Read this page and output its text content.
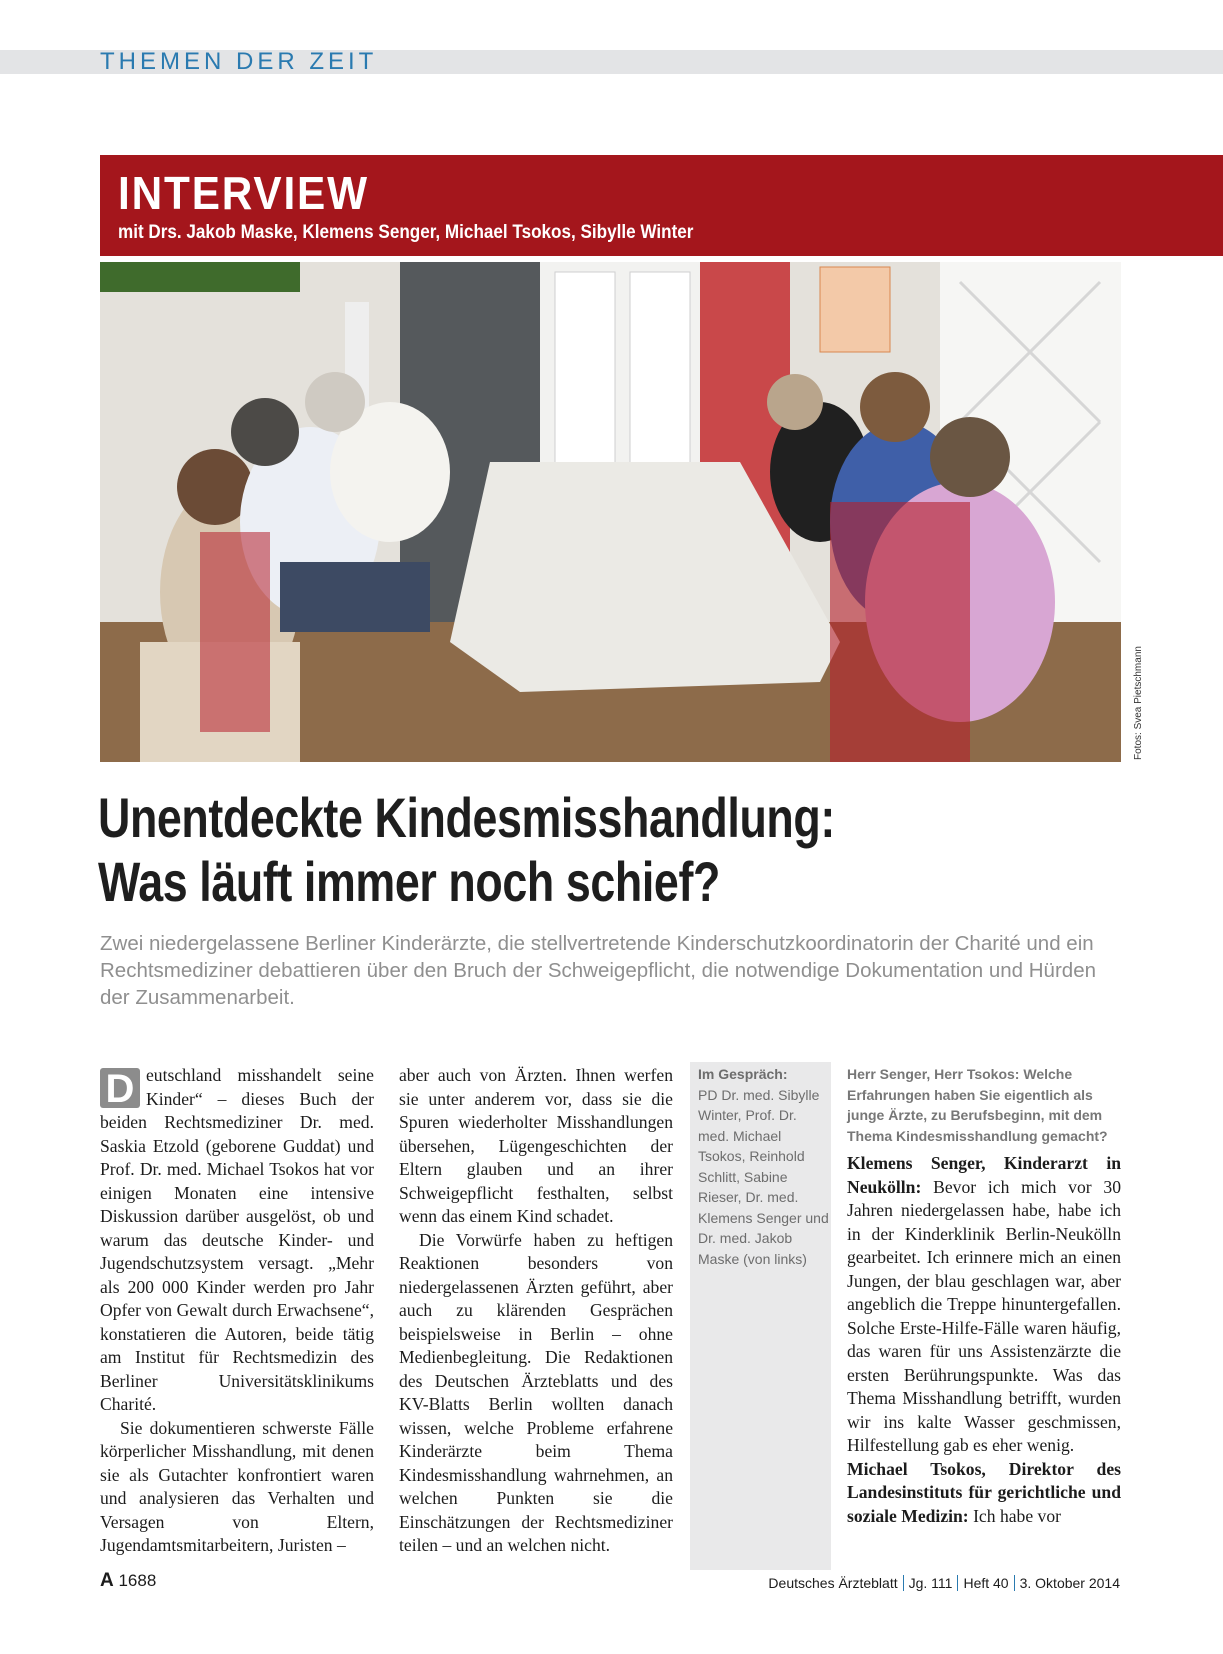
THEMEN DER ZEIT
INTERVIEW
mit Drs. Jakob Maske, Klemens Senger, Michael Tsokos, Sibylle Winter
Fotos: Svea Pietschmann
Unentdeckte Kindesmisshandlung:
Was läuft immer noch schief?
Zwei niedergelassene Berliner Kinderärzte, die stellvertretende Kinderschutzkoordinatorin der Charité und ein Rechtsmediziner debattieren über den Bruch der Schweigepflicht, die notwendige Dokumentation und Hürden der Zusammenarbeit.

D eutschland misshandelt seine Kinder“ – dieses Buch der beiden Rechtsmediziner Dr. med. Saskia Etzold (geborene Guddat) und Prof. Dr. med. Michael Tsokos hat vor einigen Monaten eine intensive Diskussion darüber ausgelöst, ob und warum das deutsche Kinder- und Jugendschutzsystem versagt. „Mehr als 200 000 Kinder werden pro Jahr Opfer von Gewalt durch Erwachsene“, konstatieren die Autoren, beide tätig am Institut für Rechtsmedizin des Berliner Universitätsklinikums Charité.

Sie dokumentieren schwerste Fälle körperlicher Misshandlung, mit denen sie als Gutachter konfrontiert waren und analysieren das Verhalten und Versagen von Eltern, Jugendamtsmitarbeitern, Juristen –

aber auch von Ärzten. Ihnen werfen sie unter anderem vor, dass sie die Spuren wiederholter Misshandlungen übersehen, Lügengeschichten der Eltern glauben und an ihrer Schweigepflicht festhalten, selbst wenn das einem Kind schadet.

Die Vorwürfe haben zu heftigen Reaktionen besonders von niedergelassenen Ärzten geführt, aber auch zu klärenden Gesprächen beispielsweise in Berlin – ohne Medienbegleitung. Die Redaktionen des Deutschen Ärzteblatts und des KV-Blatts Berlin wollten danach wissen, welche Probleme erfahrene Kinderärzte beim Thema Kindesmisshandlung wahrnehmen, an welchen Punkten sie die Einschätzungen der Rechtsmediziner teilen – und an welchen nicht.

Im Gespräch:
PD Dr. med. Sibylle Winter, Prof. Dr. med. Michael Tsokos, Reinhold Schlitt, Sabine Rieser, Dr. med. Klemens Senger und Dr. med. Jakob Maske (von links)

Herr Senger, Herr Tsokos: Welche Erfahrungen haben Sie eigentlich als junge Ärzte, zu Berufsbeginn, mit dem Thema Kindesmisshandlung gemacht?

Klemens Senger, Kinderarzt in Neukölln: Bevor ich mich vor 30 Jahren niedergelassen habe, habe ich in der Kinderklinik Berlin-Neukölln gearbeitet. Ich erinnere mich an einen Jungen, der blau geschlagen war, aber angeblich die Treppe hinuntergefallen. Solche Erste-Hilfe-Fälle waren häufig, das waren für uns Assistenzärzte die ersten Berührungspunkte. Was das Thema Misshandlung betrifft, wurden wir ins kalte Wasser geschmissen, Hilfestellung gab es eher wenig.

Michael Tsokos, Direktor des Landesinstituts für gerichtliche und soziale Medizin: Ich habe vor

A 1688	Deutsches Ärzteblatt Jg. 111 Heft 40 3. Oktober 2014
